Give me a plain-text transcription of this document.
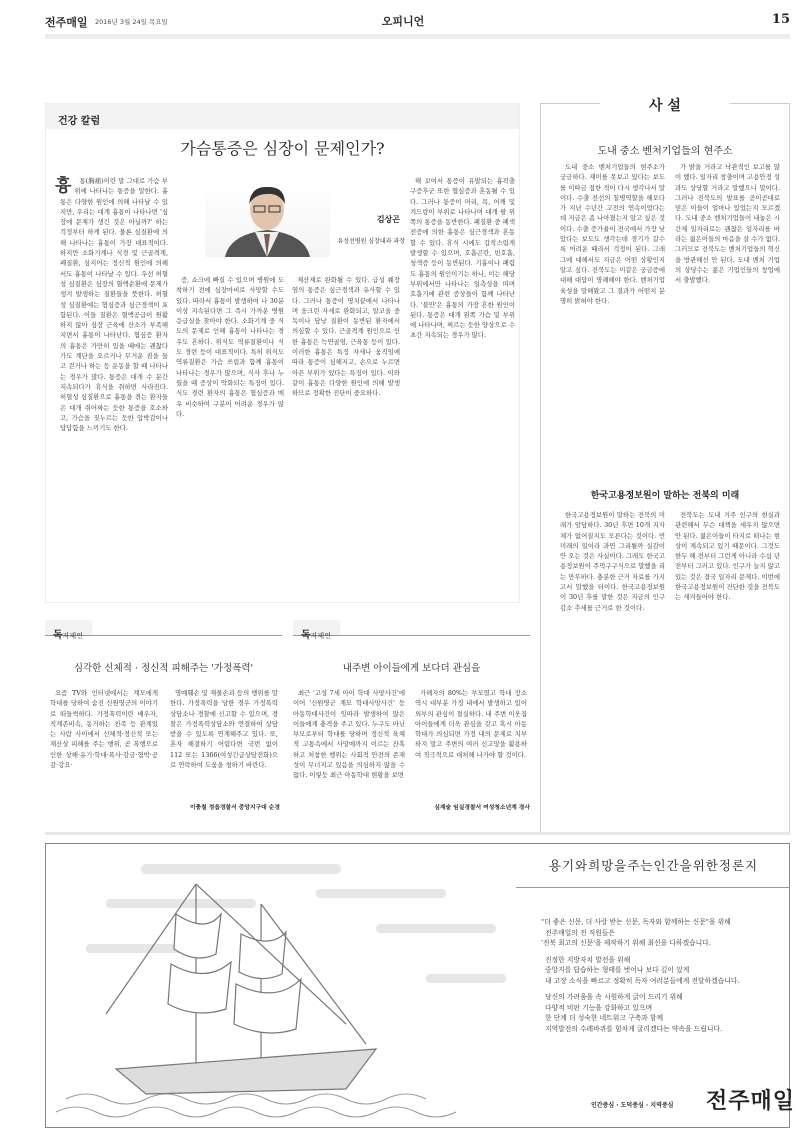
전주매일 2016년 3월 24일 목요일	오피니언	15
건강 칼럼
가슴통증은 심장이 문제인가?
흉 통(胸痛)이란 말 그대로 가슴 부위에 나타나는 통증을 말한다. 흉통은 다양한 원인에 의해 나타날 수 있지만, 우리는 대개 흉통이 나타나면 '심장에 문제가 생긴 것은 아닐까?' 하는 걱정부터 하게 된다. 물론 심질환에 의해 나타나는 흉통이 가장 대표적이다. 하지만 소화기계나 식경 및 근골격계, 폐질환, 심지어는 정신적 원인에 의해서도 흉통이 나타날 수 있다. 우선 허혈성 심질환은 심장의 혈액순환에 문제가 생겨 발생하는 질환들을 뜻한다. 허혈성 심질환에는 협심증과 심근경색이 포함된다. 이들 질환은 혈액공급이 원활하지 않아 심장 근육에 산소가 부족해지면서 흉통이 나타난다. 협심증 환자의 흉통은 가만히 있을 때에는 괜찮다가도 계단을 오르거나 무거운 짐을 들고 걷거나 하는 등 운동을 할 때 나타나는 경우가 많다. 통증은 대개 수 분간 지속되다가 휴식을 취하면 사라진다. 허혈성 심질환으로 흉통을 겪는 환자들은 대개 쥐어짜는 듯한 통증을 호소하고, 가슴을 짓누르는 듯한 압박감이나 답답함을 느끼기도 한다.
김상곤
유성선병원 심장내과 과장
증, 쇼크에 빠질 수 있으며 병원에 도착하기 전에 심장마비로 사망할 수도 있다. 따라서 흉통이 발생하여 나 30분 이상 지속된다면 그 즉시 가까운 병원 응급실을 찾아야 한다. 소화기계 중 식도의 문제로 인해 흉통이 나타나는 경우도 흔하다. 위식도 역류질환이나 식도 경련 등이 대표적이다. 특히 위식도 역류질환은 가슴 쓰림과 함께 흉통이 나타나는 경우가 많으며, 식사 후나 누웠을 때 증상이 악화되는 특징이 있다. 식도 경련 환자의 흉통은 협심증과 매우 비슷하여 구분이 어려운 경우가 많다.
제산제로 완화될 수 있다. 급성 췌장염의 통증은 심근경색과 유사할 수 있다. 그러나 통증이 명치끝에서 나타나며 웅크린 자세로 완화되고, 알코올 중독이나 담낭 질환이 동반된 환자에서 의심할 수 있다. 근골격계 원인으로 인한 흉통은 늑연골염, 근육통 등이 있다. 이러한 흉통은 특정 자세나 움직임에 따라 통증이 심해지고, 손으로 누르면 아픈 부위가 있다는 특징이 있다. 이와 같이 흉통은 다양한 원인에 의해 발생하므로 정확한 진단이 중요하다.
해 꼬여서 통증이 유발되는 흉곽출구증후군 또한 협심증과 혼동될 수 있다. 그러나 통증이 머리, 목, 어깨 및 겨드랑이 부위로 나타나며 대개 팔 위쪽의 통증을 동반한다. 폐질환 중 폐색전증에 의한 흉통은 심근경색과 혼동할 수 있다. 휴식 시에도 갑작스럽게 발생할 수 있으며, 호흡곤란, 빈호흡, 청색증 등이 동반된다. 기흉이나 폐렴도 흉통의 원인이기는 하나, 이는 해당부위에서만 나타나는 일측성을 띠며 호흡기에 관련 증상들이 함께 나타난다. '불안'은 흉통의 가장 흔한 원인이 된다. 통증은 대개 왼쪽 가슴 밑 부위에 나타나며, 찌르는 듯한 양상으로 수 초간 지속되는 경우가 많다.
사 설
도내 중소 벤처기업들의 현주소
도내 중소 벤처기업들의 현주소가 궁금하다. 재미를 못보고 있다는 보도를 이따금 접한 적이 다시 생각나서 말이다. 수출 전선의 첨병역할을 해오다가 지난 수년간 고전의 연속이었다는데 지금은 좀 나아졌는지 알고 싶은 것이다. 수출 증가율이 전국에서 가장 낮았다는 보도도 생각는데 경기가 갈수록 어려운 때라서 걱정이 된다. 그래 그에 대해서도 지금은 어떤 상황인지 알고 싶다. 전북도는 이같은 궁금증에 대해 대답이 명쾌해야 한다. 벤처기업 육성을 말해왔고 그 결과가 어떤지 분명히 밝혀야 한다.
가 밝을 거라고 낙관적인 보고를 많이 했다. 일자리 창출이며 고용안정 성과도 상당할 거라고 말했으니 말이다. 그러나 전북도의 발표를 곧이곧대로 믿은 이들이 얼마나 있었는지 모르겠다. 도내 중소 벤처기업들이 내놓은 시간제 일자리로는 괜찮은 일자리를 바라는 젊은이들의 마음을 살 수가 없다. 그러므로 전북도는 벤처기업들의 혁신을 방관해선 안 된다. 도내 벤처 기업의 상당수는 젊은 기업인들의 창업에서 출발했다.
한국고용정보원이 말하는 전북의 미래
한국고용정보원이 말하는 전북의 미래가 암담하다. 30년 후면 10개 지자체가 없어질지도 모른다는 것이다. 먼 미래의 일이라 과연 그리될까 실감이 안 오는 것은 사실이다. 그래도 한국고용정보원이 주먹구구식으로 말했을 리는 만무하다. 충분한 근거 자료를 가지고서 말했을 터이다. 한국고용정보원이 30년 후를 말한 것은 지금의 인구 감소 추세를 근거로 한 것이다.
전북도는 도내 거주 인구의 현실과 관련해서 무슨 대책을 세우지 않으면 안 된다. 젊은이들이 타지로 떠나는 현상이 계속되고 있기 때문이다. 그것도 한두 해 전부터 그런게 아니라 수십 년 전부터 그러고 있다. 인구가 늘지 않고 있는 것은 결국 일자리 문제다. 이번에 한국고용정보원이 진단한 것을 전북도는 새겨들어야 한다.
독자제언
심각한 신체적 · 정신적 피해주는 '가정폭력'
요즘 TV와 인터넷에서는 계모에게 학대를 당하여 숨진 신원영군의 이야기로 떠들썩하다. 가정폭력이란 배우자, 직계존비속, 동거하는 친족 등 관계있는 사람 사이에서 신체적·정신적 또는 재산상 피해를 주는 행위, 곧 폭행으로 인한 상해·유기·학대·폭사·감금·협박·공갈·강요·
명예훼손 및 재물손괴 등의 행위를 말한다. 가정폭력을 당한 경우 가정폭력상담소나 경찰에 신고할 수 있으며, 경찰은 가정폭력상담소와 연결하여 상담받을 수 있도록 연계해주고 있다. 또, 혼자 해결하기 어렵다면 국번 없이 112 또는 1366(여성긴급상담전화)으로 연락하여 도움을 청하기 바란다.
이충철 정읍경찰서 중앙지구대 순경
독자제언
내주변 아이들에게 보다더 관심을
최근 '고성 7세 아이 학대 사망사건'에 이어 '신원영군 계모 학대사망사건' 등 아동학대사건이 잇따라 발생하여 많은 이들에게 충격을 주고 있다. 누구도 아닌 부모로부터 학대를 당하며 정신적 육체적 고통속에서 사망에까지 이르는 잔혹하고 처참한 행위는 사회적 안전의 존재성이 무너지고 있음을 의심하지 않을 수 없다. 이렇듯 최근 아동학대 현황을 보면
가해자의 80%는 부모였고 학대 장소 역시 대부분 가정 내에서 발생하고 있어 외부의 관심이 절실하다. 내 주변 이웃집 아이들에게 더욱 관심을 갖고 혹시 아동학대가 의심되면 가정 내의 문제로 치부하지 말고 주변의 여러 신고망을 활용하여 적극적으로 대처해 나가야 할 것이다.
심재술 임실경찰서 여성청소년계 경사
용기와희망을주는인간을위한정론지
"더 좋은 신문, 더 사랑 받는 신문, 독자와 함께하는 신문"을 위해
전주매일의 전 직원들은
'전북 최고의 신문'을 제작하기 위해 최선을 다하겠습니다.
진정한 지방자치 발전을 위해
중앙지를 답습하는 형태를 벗어나 보다 깊이 있게
내 고장 소식을 빠르고 정확히 독자 여러분들에게 전달하겠습니다.
당신의 가려움을 속 시원하게 긁어 드리기 위해
다양적 비판 기능을 강화하고 있으며
한 단계 더 성숙한 네트워크 구축과 함께
지역발전의 수레바퀴를 힘차게 굴리겠다는 약속을 드립니다.
인간중심 · 도덕중심 · 지역중심 전주매일
